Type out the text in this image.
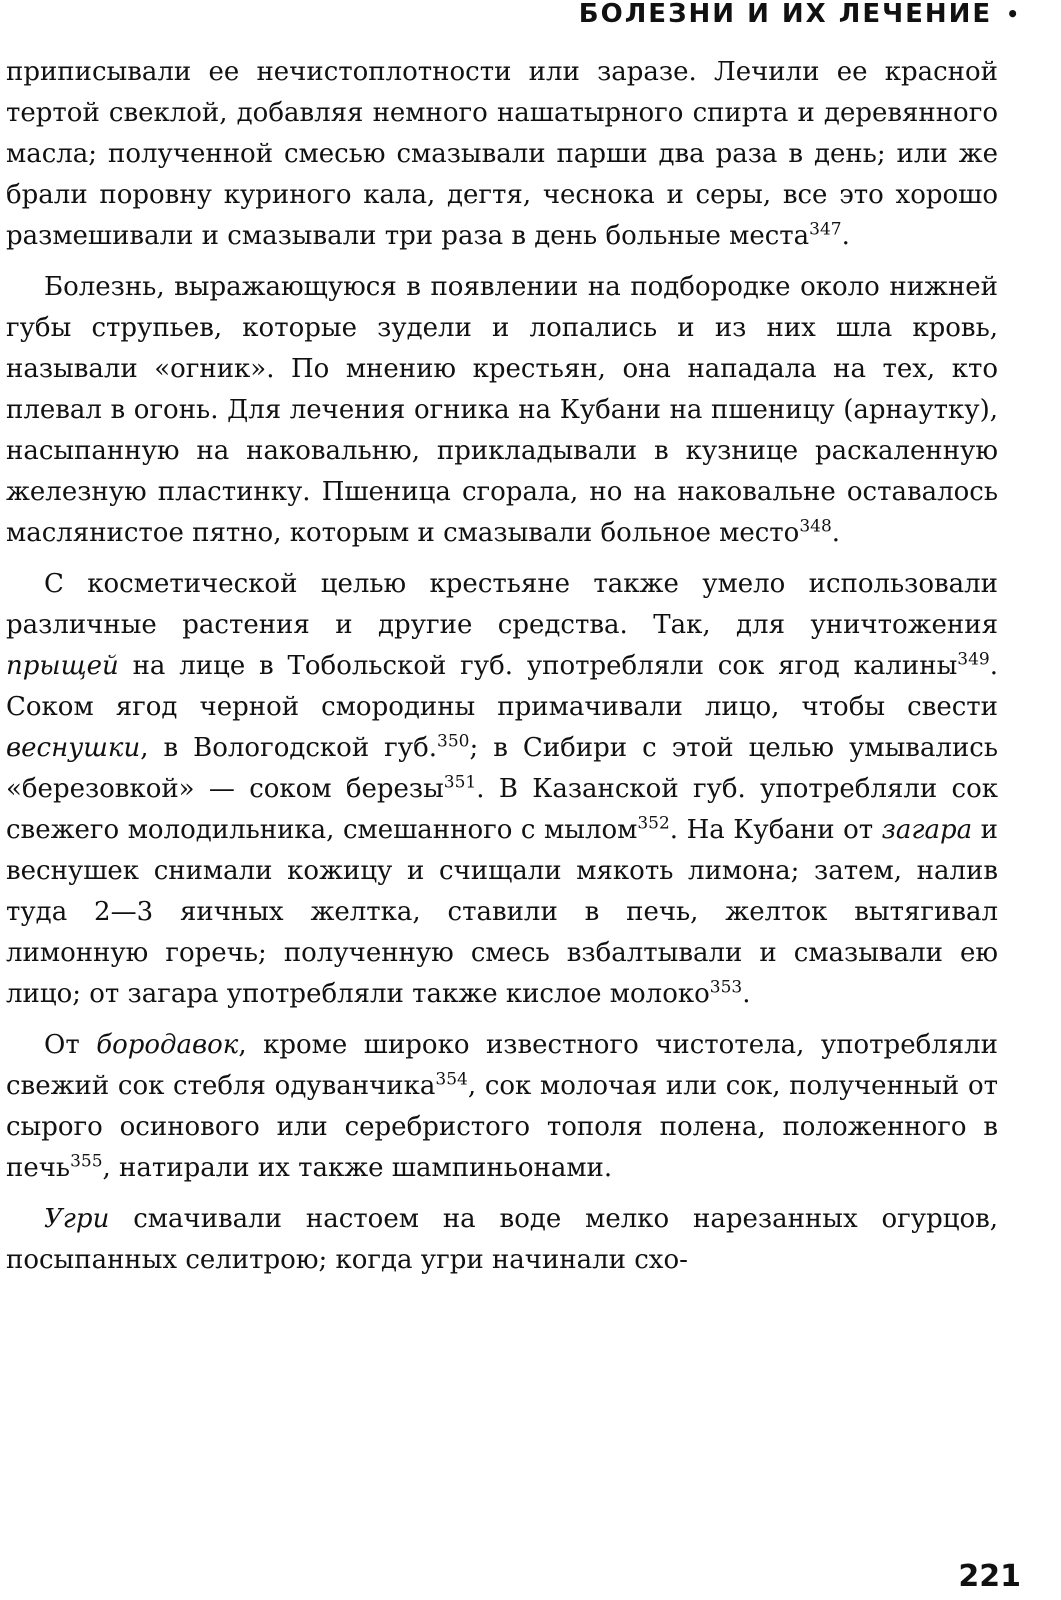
БОЛЕЗНИ И ИХ ЛЕЧЕНИЕ •

приписывали ее нечистоплотности или заразе. Лечили ее красной тертой свеклой, добавляя немного нашатырного спирта и деревянного масла; полученной смесью смазывали парши два раза в день; или же брали поровну куриного кала, дегтя, чеснока и серы, все это хорошо размешивали и смазывали три раза в день больные места$^{347}$.

Болезнь, выражающуюся в появлении на подбородке около нижней губы струпьев, которые зудели и лопались и из них шла кровь, называли «огник». По мнению крестьян, она нападала на тех, кто плевал в огонь. Для лечения огника на Кубани на пшеницу (арнаутку), насыпанную на наковальню, прикладывали в кузнице раскаленную железную пластинку. Пшеница сгорала, но на наковальне оставалось маслянистое пятно, которым и смазывали больное место$^{348}$.

С косметической целью крестьяне также умело использовали различные растения и другие средства. Так, для уничтожения прыщей на лице в Тобольской губ. употребляли сок ягод калины$^{349}$. Соком ягод черной смородины примачивали лицо, чтобы свести веснушки, в Вологодской губ.$^{350}$; в Сибири с этой целью умывались «березовкой» — соком березы$^{351}$. В Казанской губ. употребляли сок свежего молодильника, смешанного с мылом$^{352}$. На Кубани от загара и веснушек снимали кожицу и счищали мякоть лимона; затем, налив туда 2—3 яичных желтка, ставили в печь, желток вытягивал лимонную горечь; полученную смесь взбалтывали и смазывали ею лицо; от загара употребляли также кислое молоко$^{353}$.

От бородавок, кроме широко известного чистотела, употребляли свежий сок стебля одуванчика$^{354}$, сок молочая или сок, полученный от сырого осинового или серебристого тополя полена, положенного в печь$^{355}$, натирали их также шампиньонами.

Угри смачивали настоем на воде мелко нарезанных огурцов, посыпанных селитрою; когда угри начинали схо-

221
